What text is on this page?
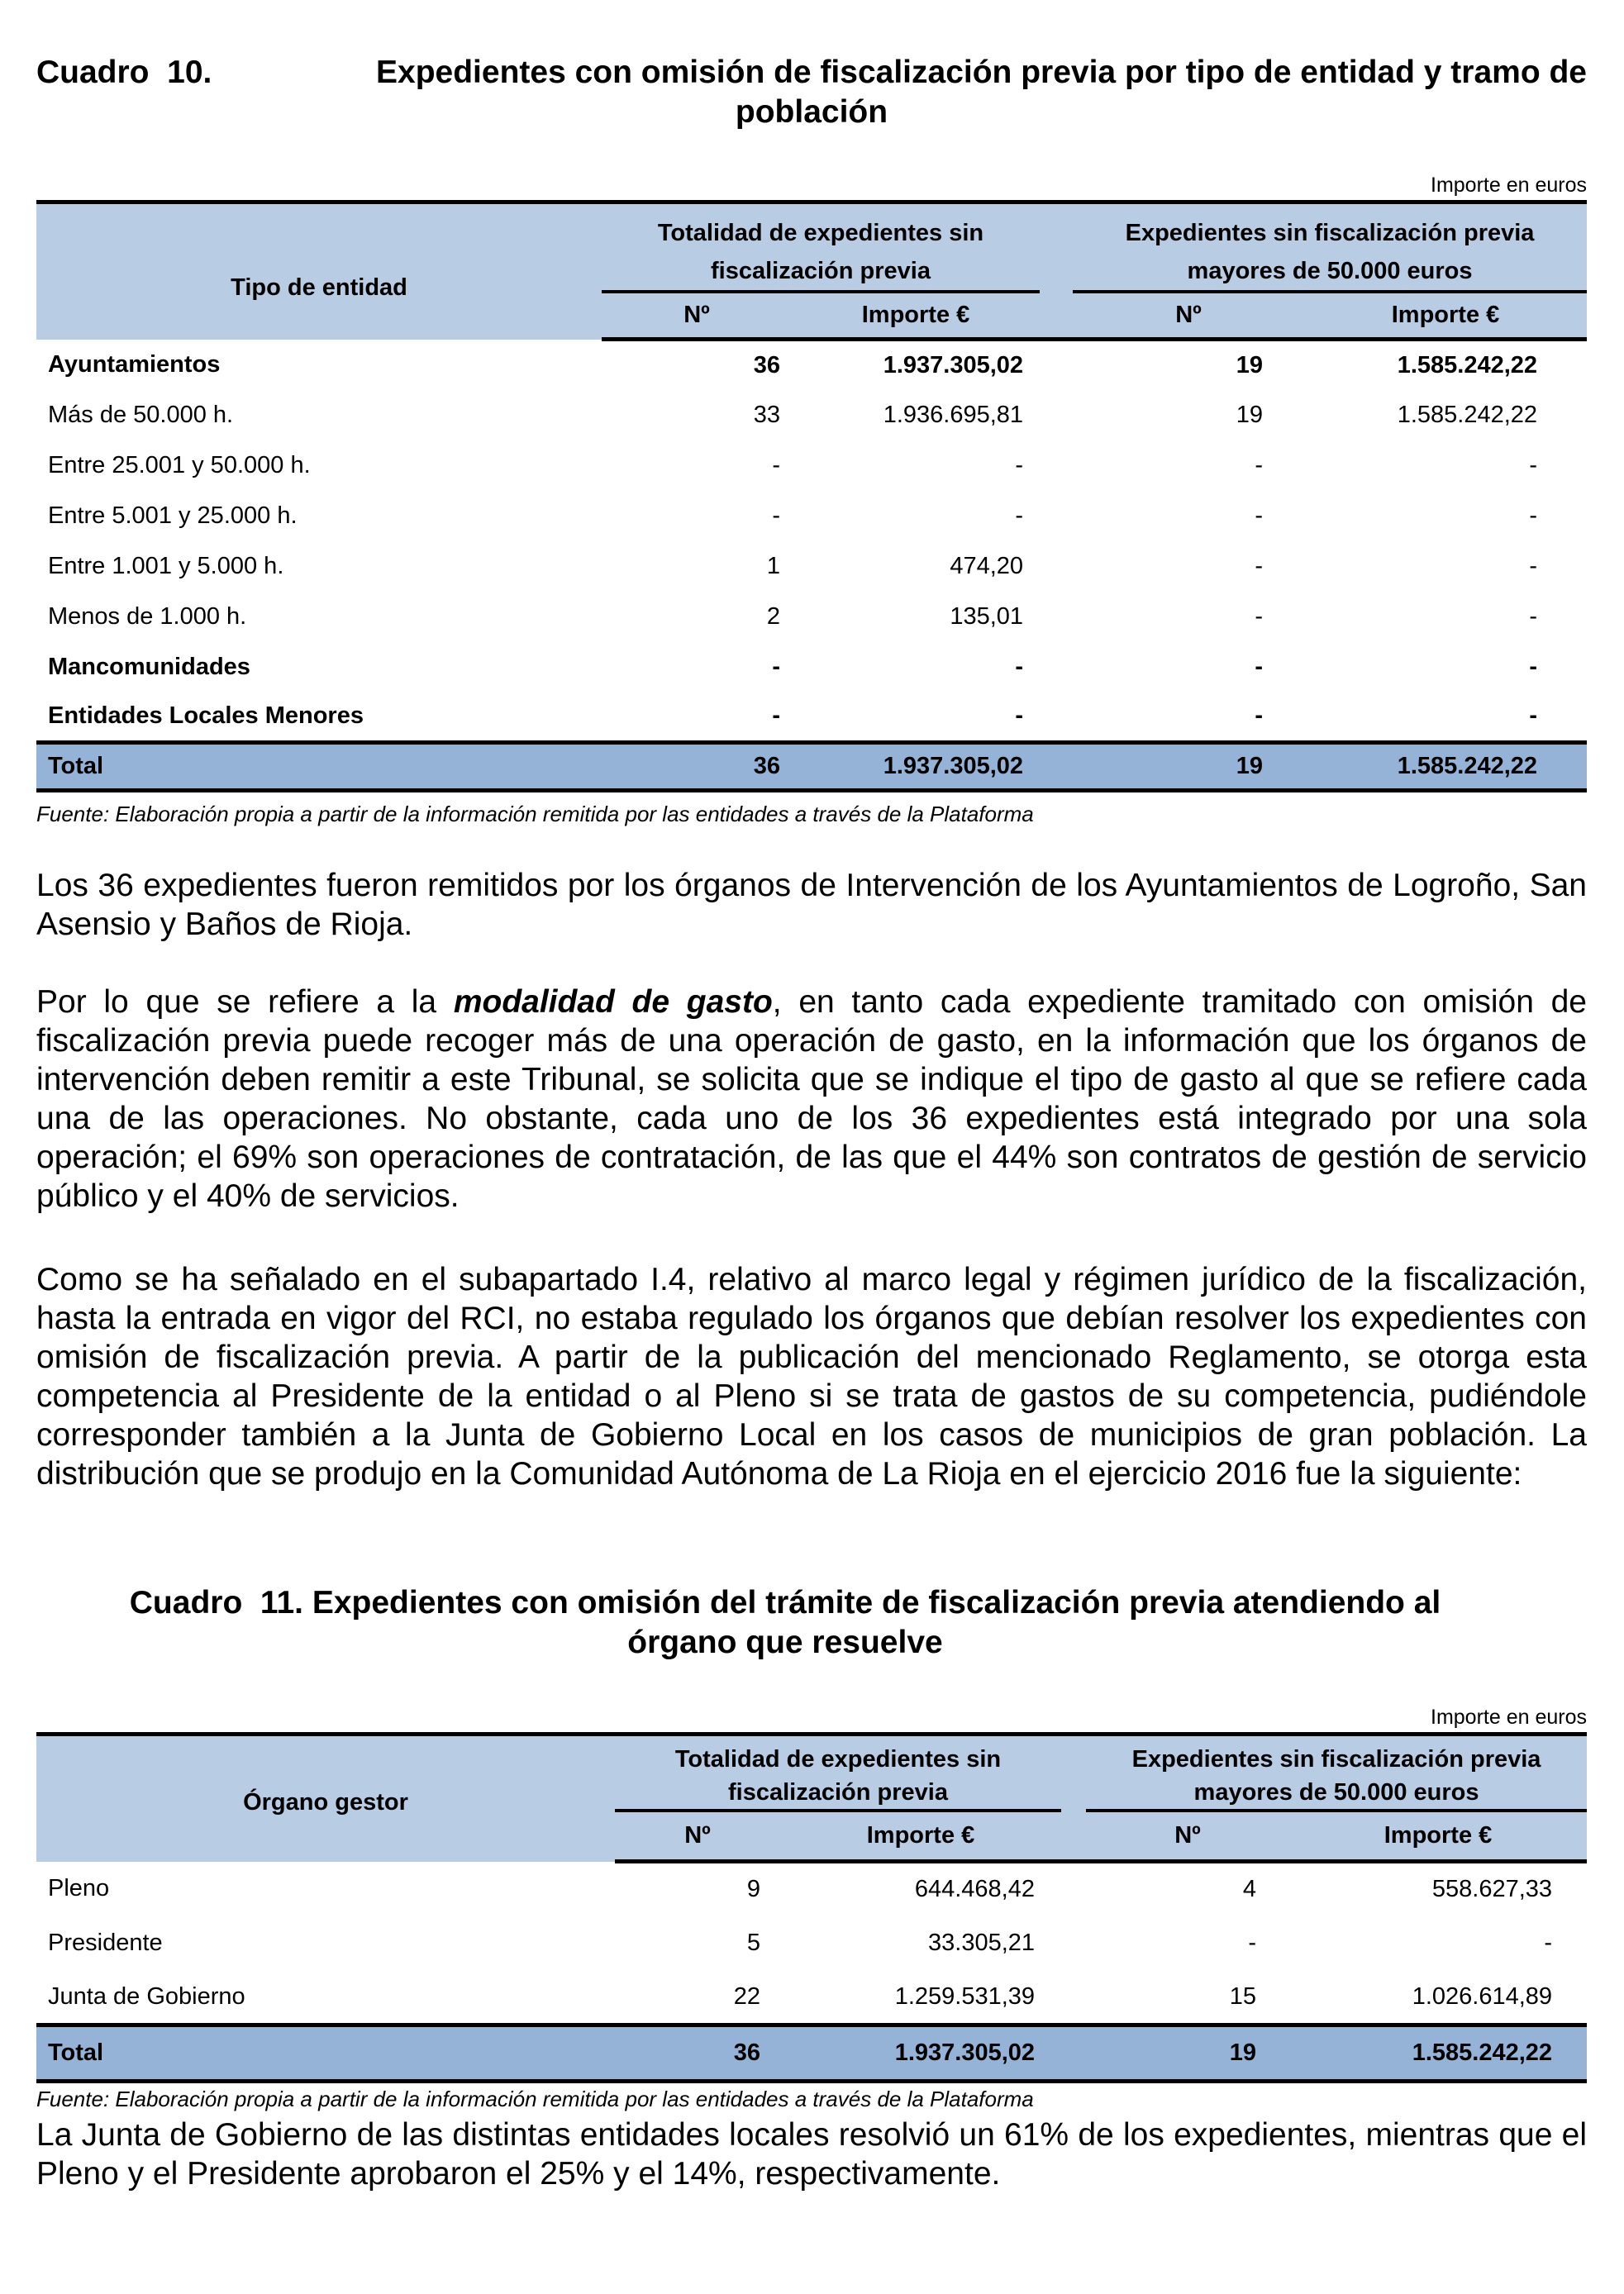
Cuadro  10.	Expedientes con omisión de fiscalización previa por tipo de entidad y tramo de
población
Importe en euros
Tipo de entidad	Totalidad de expedientes sin fiscalización previa			Expedientes sin fiscalización previa mayores de 50.000 euros	
	Nº	Importe €		Nº	Importe €
Ayuntamientos	36	1.937.305,02		19	1.585.242,22
Más de 50.000 h.	33	1.936.695,81		19	1.585.242,22
Entre 25.001 y 50.000 h.	-	-		-	-
Entre 5.001 y 25.000 h.	-	-		-	-
Entre 1.001 y 5.000 h.	1	474,20		-	-
Menos de 1.000 h.	2	135,01		-	-
Mancomunidades	-	-		-	-
Entidades Locales Menores	-	-		-	-
Total	36	1.937.305,02		19	1.585.242,22
Fuente: Elaboración propia a partir de la información remitida por las entidades a través de la Plataforma
Los 36 expedientes fueron remitidos por los órganos de Intervención de los Ayuntamientos de Logroño, San Asensio y Baños de Rioja.
Por lo que se refiere a la modalidad de gasto, en tanto cada expediente tramitado con omisión de fiscalización previa puede recoger más de una operación de gasto, en la información que los órganos de intervención deben remitir a este Tribunal, se solicita que se indique el tipo de gasto al que se refiere cada una de las operaciones. No obstante, cada uno de los 36 expedientes está integrado por una sola operación; el 69% son operaciones de contratación, de las que el 44% son contratos de gestión de servicio público y el 40% de servicios.
Como se ha señalado en el subapartado I.4, relativo al marco legal y régimen jurídico de la fiscalización, hasta la entrada en vigor del RCI, no estaba regulado los órganos que debían resolver los expedientes con omisión de fiscalización previa. A partir de la publicación del mencionado Reglamento, se otorga esta competencia al Presidente de la entidad o al Pleno si se trata de gastos de su competencia, pudiéndole corresponder también a la Junta de Gobierno Local en los casos de municipios de gran población. La distribución que se produjo en la Comunidad Autónoma de La Rioja en el ejercicio 2016 fue la siguiente:
Cuadro  11. Expedientes con omisión del trámite de fiscalización previa atendiendo al
órgano que resuelve
Importe en euros
Órgano gestor	Totalidad de expedientes sin fiscalización previa			Expedientes sin fiscalización previa mayores de 50.000 euros	
	Nº	Importe €		Nº	Importe €
Pleno	9	644.468,42		4	558.627,33
Presidente	5	33.305,21		-	-
Junta de Gobierno	22	1.259.531,39		15	1.026.614,89
Total	36	1.937.305,02		19	1.585.242,22
Fuente: Elaboración propia a partir de la información remitida por las entidades a través de la Plataforma
La Junta de Gobierno de las distintas entidades locales resolvió un 61% de los expedientes, mientras que el Pleno y el Presidente aprobaron el 25% y el 14%, respectivamente.
